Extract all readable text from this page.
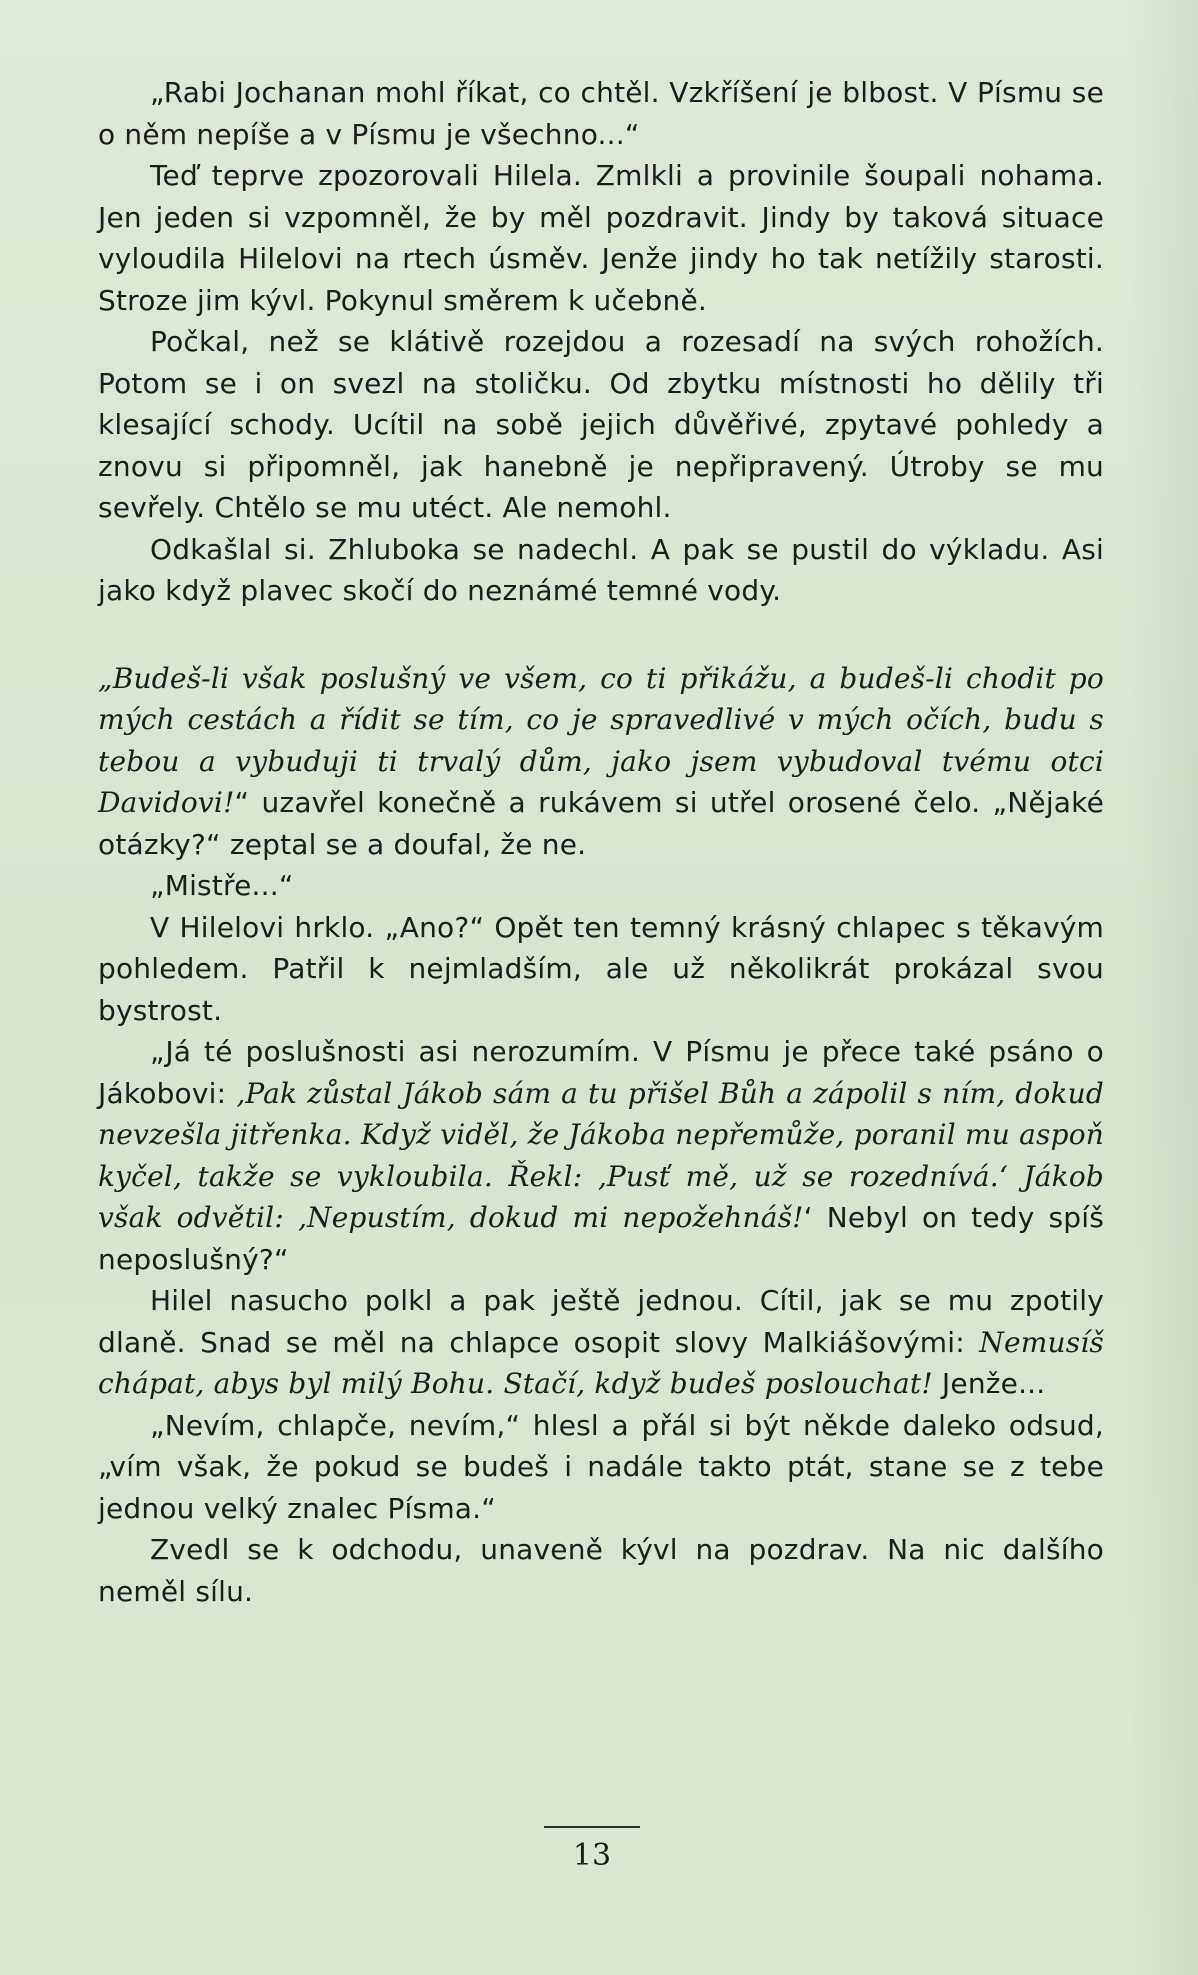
„Rabi Jochanan mohl říkat, co chtěl. Vzkříšení je blbost. V Písmu se o něm nepíše a v Písmu je všechno...“

Teď teprve zpozorovali Hilela. Zmlkli a provinile šoupali nohama. Jen jeden si vzpomněl, že by měl pozdravit. Jindy by taková situace vyloudila Hilelovi na rtech úsměv. Jenže jindy ho tak netížily starosti. Stroze jim kývl. Pokynul směrem k učebně.

Počkal, než se klátivě rozejdou a rozesadí na svých rohožích. Potom se i on svezl na stoličku. Od zbytku místnosti ho dělily tři klesající schody. Ucítil na sobě jejich důvěřivé, zpytavé pohledy a znovu si připomněl, jak hanebně je nepřipravený. Útroby se mu sevřely. Chtělo se mu utéct. Ale nemohl.

Odkašlal si. Zhluboka se nadechl. A pak se pustil do výkladu. Asi jako když plavec skočí do neznámé temné vody.

„Budeš-li však poslušný ve všem, co ti přikážu, a budeš-li chodit po mých cestách a řídit se tím, co je spravedlivé v mých očích, budu s tebou a vybuduji ti trvalý dům, jako jsem vybudoval tvému otci Davidovi!“ uzavřel konečně a rukávem si utřel orosené čelo. „Nějaké otázky?“ zeptal se a doufal, že ne.

„Mistře...“

V Hilelovi hrklo. „Ano?“ Opět ten temný krásný chlapec s těkavým pohledem. Patřil k nejmladším, ale už několikrát prokázal svou bystrost.

„Já té poslušnosti asi nerozumím. V Písmu je přece také psáno o Jákobovi: ‚Pak zůstal Jákob sám a tu přišel Bůh a zápolil s ním, dokud nevzešla jitřenka. Když viděl, že Jákoba nepřemůže, poranil mu aspoň kyčel, takže se vykloubila. Řekl: ‚Pusť mě, už se rozednívá.‘ Jákob však odvětil: ‚Nepustím, dokud mi nepožehnáš!‘ Nebyl on tedy spíš neposlušný?“

Hilel nasucho polkl a pak ještě jednou. Cítil, jak se mu zpotily dlaně. Snad se měl na chlapce osopit slovy Malkiášovými: Nemusíš chápat, abys byl milý Bohu. Stačí, když budeš poslouchat! Jenže...

„Nevím, chlapče, nevím,“ hlesl a přál si být někde daleko odsud, „vím však, že pokud se budeš i nadále takto ptát, stane se z tebe jednou velký znalec Písma.“

Zvedl se k odchodu, unaveně kývl na pozdrav. Na nic dalšího neměl sílu.

13
